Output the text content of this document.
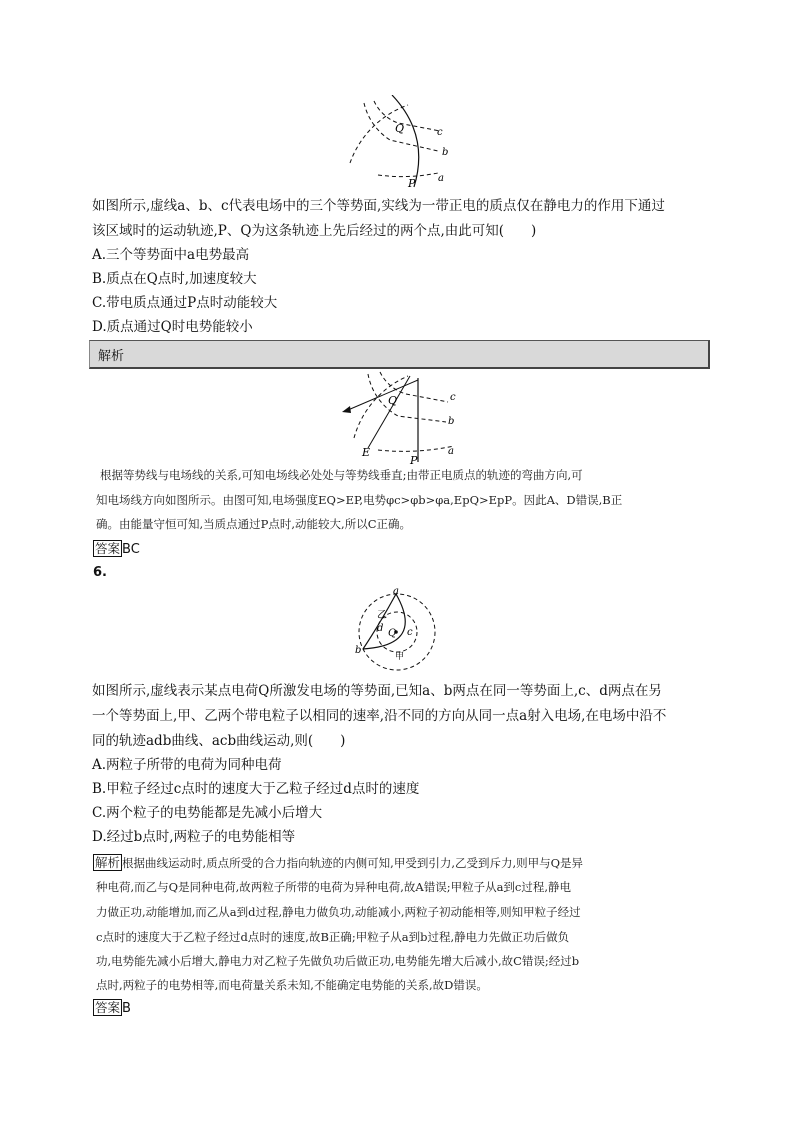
Q	c
b
a
P
如图所示,虚线a、b、c代表电场中的三个等势面,实线为一带正电的质点仅在静电力的作用下通过
该区域时的运动轨迹,P、Q为这条轨迹上先后经过的两个点,由此可知(　　)
A.三个等势面中a电势最高
B.质点在Q点时,加速度较大
C.带电质点通过P点时动能较大
D.质点通过Q时电势能较小
解析
Q
E
c
b
a
P
根据等势线与电场线的关系,可知电场线必处处与等势线垂直;由带正电质点的轨迹的弯曲方向,可
知电场线方向如图所示。由图可知,电场强度EQ>EP,电势φc>φb>φa,EpQ>EpP。因此A、D错误,B正
确。由能量守恒可知,当质点通过P点时,动能较大,所以C正确。
答案 BC
6.
a
b
c
d Q
甲
乙
如图所示,虚线表示某点电荷Q所激发电场的等势面,已知a、b两点在同一等势面上,c、d两点在另
一个等势面上,甲、乙两个带电粒子以相同的速率,沿不同的方向从同一点a射入电场,在电场中沿不
同的轨迹adb曲线、acb曲线运动,则(　　)
A.两粒子所带的电荷为同种电荷
B.甲粒子经过c点时的速度大于乙粒子经过d点时的速度
C.两个粒子的电势能都是先减小后增大
D.经过b点时,两粒子的电势能相等
解析 根据曲线运动时,质点所受的合力指向轨迹的内侧可知,甲受到引力,乙受到斥力,则甲与Q是异
种电荷,而乙与Q是同种电荷,故两粒子所带的电荷为异种电荷,故A错误;甲粒子从a到c过程,静电
力做正功,动能增加,而乙从a到d过程,静电力做负功,动能减小,两粒子初动能相等,则知甲粒子经过
c点时的速度大于乙粒子经过d点时的速度,故B正确;甲粒子从a到b过程,静电力先做正功后做负
功,电势能先减小后增大,静电力对乙粒子先做负功后做正功,电势能先增大后减小,故C错误;经过b
点时,两粒子的电势相等,而电荷量关系未知,不能确定电势能的关系,故D错误。
答案 B
